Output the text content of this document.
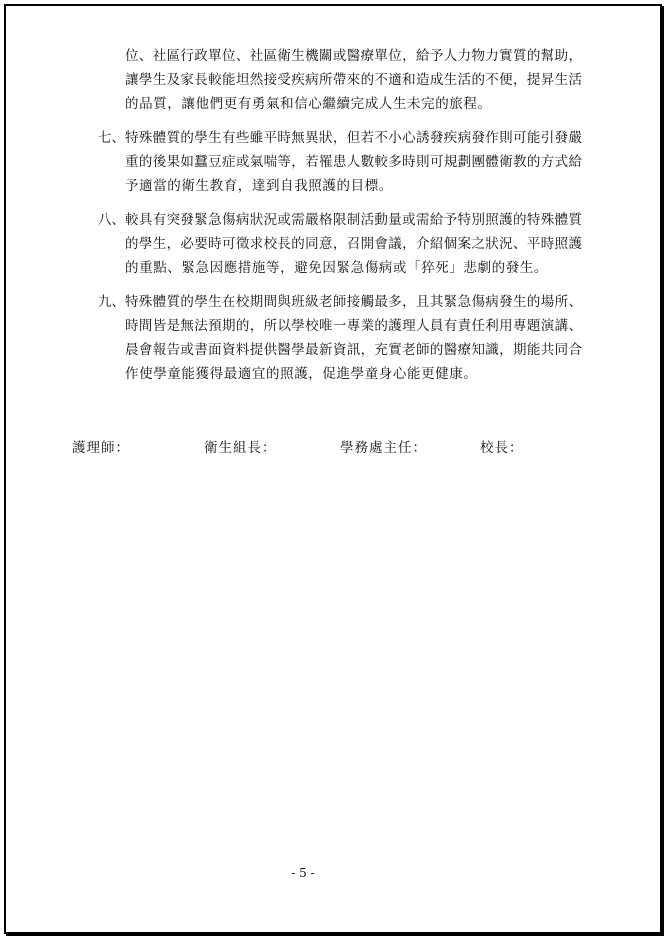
位、社區行政單位、社區衛生機關或醫療單位，給予人力物力實質的幫助，
讓學生及家長較能坦然接受疾病所帶來的不適和造成生活的不便，提昇生活
的品質，讓他們更有勇氣和信心繼續完成人生未完的旅程。
七、 特殊體質的學生有些雖平時無異狀，但若不小心誘發疾病發作則可能引發嚴
重的後果如蠶豆症或氣喘等，若罹患人數較多時則可規劃團體衛教的方式給
予適當的衛生教育，達到自我照護的目標。
八、 較具有突發緊急傷病狀況或需嚴格限制活動量或需給予特別照護的特殊體質
的學生，必要時可徵求校長的同意，召開會議，介紹個案之狀況、平時照護
的重點、緊急因應措施等，避免因緊急傷病或「猝死」悲劇的發生。
九、 特殊體質的學生在校期間與班級老師接觸最多，且其緊急傷病發生的場所、
時間皆是無法預期的，所以學校唯一專業的護理人員有責任利用專題演講、
晨會報告或書面資料提供醫學最新資訊，充實老師的醫療知識，期能共同合
作使學童能獲得最適宜的照護，促進學童身心能更健康。
護理師：	衛生組長：	學務處主任：	校長：
- 5 -
